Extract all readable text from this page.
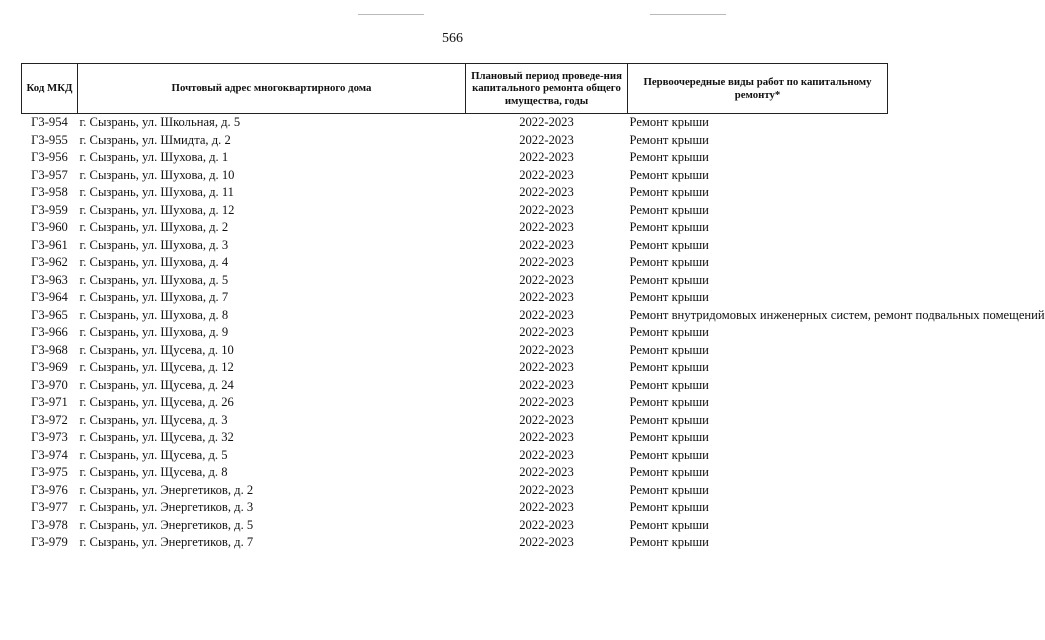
566
Код МКД	Почтовый адрес многоквартирного дома	Плановый период проведе-ния капитального ремонта общего имущества, годы	Первоочередные виды работ по капитальному ремонту*
Г3-954	г. Сызрань, ул. Школьная, д. 5	2022-2023	Ремонт крыши
Г3-955	г. Сызрань, ул. Шмидта, д. 2	2022-2023	Ремонт крыши
Г3-956	г. Сызрань, ул. Шухова, д. 1	2022-2023	Ремонт крыши
Г3-957	г. Сызрань, ул. Шухова, д. 10	2022-2023	Ремонт крыши
Г3-958	г. Сызрань, ул. Шухова, д. 11	2022-2023	Ремонт крыши
Г3-959	г. Сызрань, ул. Шухова, д. 12	2022-2023	Ремонт крыши
Г3-960	г. Сызрань, ул. Шухова, д. 2	2022-2023	Ремонт крыши
Г3-961	г. Сызрань, ул. Шухова, д. 3	2022-2023	Ремонт крыши
Г3-962	г. Сызрань, ул. Шухова, д. 4	2022-2023	Ремонт крыши
Г3-963	г. Сызрань, ул. Шухова, д. 5	2022-2023	Ремонт крыши
Г3-964	г. Сызрань, ул. Шухова, д. 7	2022-2023	Ремонт крыши
Г3-965	г. Сызрань, ул. Шухова, д. 8	2022-2023	Ремонт внутридомовых инженерных систем, ремонт подвальных помещений
Г3-966	г. Сызрань, ул. Шухова, д. 9	2022-2023	Ремонт крыши
Г3-968	г. Сызрань, ул. Щусева, д. 10	2022-2023	Ремонт крыши
Г3-969	г. Сызрань, ул. Щусева, д. 12	2022-2023	Ремонт крыши
Г3-970	г. Сызрань, ул. Щусева, д. 24	2022-2023	Ремонт крыши
Г3-971	г. Сызрань, ул. Щусева, д. 26	2022-2023	Ремонт крыши
Г3-972	г. Сызрань, ул. Щусева, д. 3	2022-2023	Ремонт крыши
Г3-973	г. Сызрань, ул. Щусева, д. 32	2022-2023	Ремонт крыши
Г3-974	г. Сызрань, ул. Щусева, д. 5	2022-2023	Ремонт крыши
Г3-975	г. Сызрань, ул. Щусева, д. 8	2022-2023	Ремонт крыши
Г3-976	г. Сызрань, ул. Энергетиков, д. 2	2022-2023	Ремонт крыши
Г3-977	г. Сызрань, ул. Энергетиков, д. 3	2022-2023	Ремонт крыши
Г3-978	г. Сызрань, ул. Энергетиков, д. 5	2022-2023	Ремонт крыши
Г3-979	г. Сызрань, ул. Энергетиков, д. 7	2022-2023	Ремонт крыши
